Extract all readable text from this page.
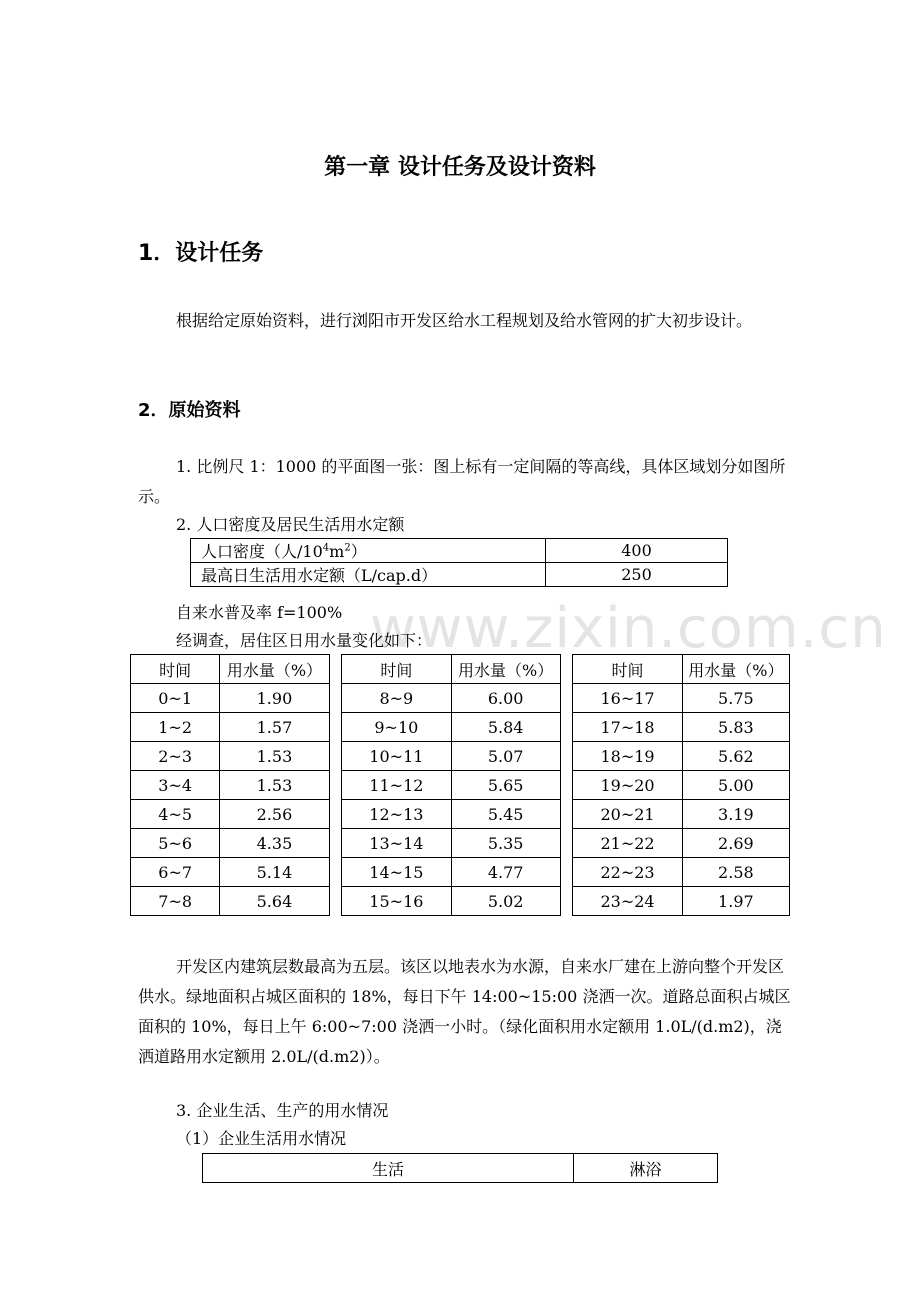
第一章 设计任务及设计资料
1．设计任务
根据给定原始资料，进行浏阳市开发区给水工程规划及给水管网的扩大初步设计。
2．原始资料
1. 比例尺 1：1000 的平面图一张：图上标有一定间隔的等高线，具体区域划分如图所示。
2. 人口密度及居民生活用水定额
人口密度（人$/10^4m^2$）	400
最高日生活用水定额（L/cap.d）	250
自来水普及率 f=100% www.zixin.com.cn
经调查，居住区日用水量变化如下：
时间	用水量（%）		时间	用水量（%）		时间	用水量（%）
0~1	1.90		8~9	6.00		16~17	5.75
1~2	1.57		9~10	5.84		17~18	5.83
2~3	1.53		10~11	5.07		18~19	5.62
3~4	1.53		11~12	5.65		19~20	5.00
4~5	2.56		12~13	5.45		20~21	3.19
5~6	4.35		13~14	5.35		21~22	2.69
6~7	5.14		14~15	4.77		22~23	2.58
7~8	5.64		15~16	5.02		23~24	1.97
开发区内建筑层数最高为五层。该区以地表水为水源，自来水厂建在上游向整个开发区供水。绿地面积占城区面积的 18%，每日下午 14:00~15:00 浇洒一次。道路总面积占城区面积的 10%，每日上午 6:00~7:00 浇洒一小时。（绿化面积用水定额用 1.0L/(d.m2)，浇洒道路用水定额用 2.0L/(d.m2)）。
3. 企业生活、生产的用水情况
（1）企业生活用水情况
生活	淋浴
